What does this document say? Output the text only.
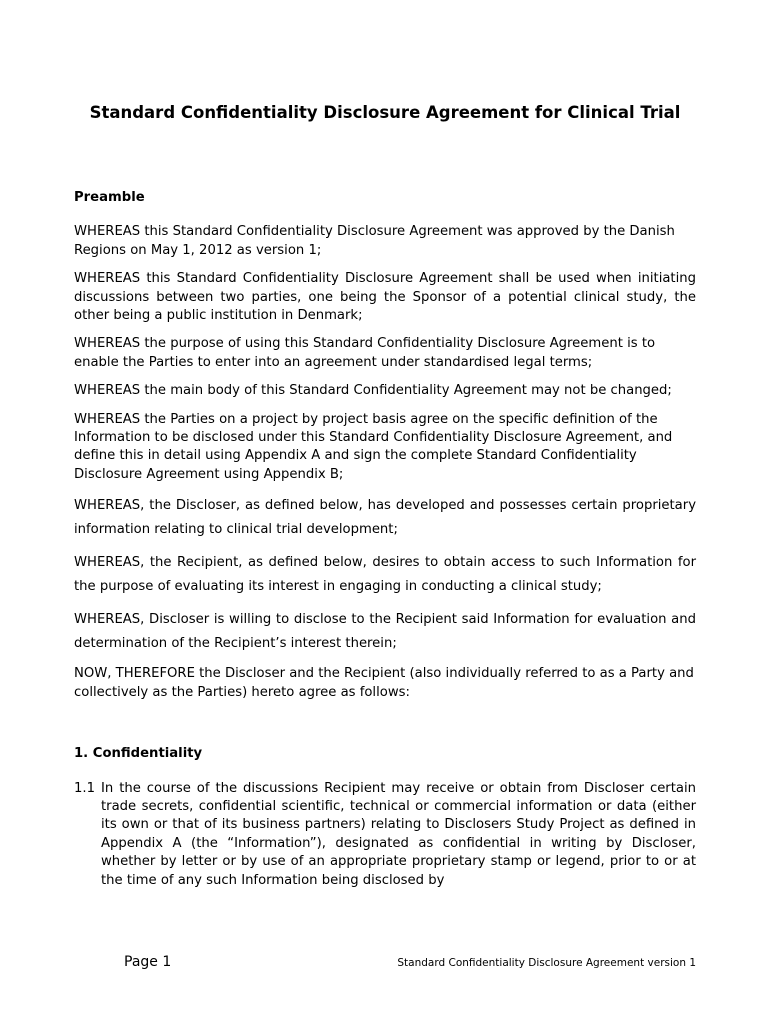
Standard Confidentiality Disclosure Agreement for Clinical Trial
Preamble

WHEREAS this Standard Confidentiality Disclosure Agreement was approved by the Danish Regions on May 1, 2012 as version 1;

WHEREAS this Standard Confidentiality Disclosure Agreement shall be used when initiating discussions between two parties, one being the Sponsor of a potential clinical study, the other being a public institution in Denmark;

WHEREAS the purpose of using this Standard Confidentiality Disclosure Agreement is to enable the Parties to enter into an agreement under standardised legal terms;

WHEREAS the main body of this Standard Confidentiality Agreement may not be changed;

WHEREAS the Parties on a project by project basis agree on the specific definition of the Information to be disclosed under this Standard Confidentiality Disclosure Agreement, and define this in detail using Appendix A and sign the complete Standard Confidentiality Disclosure Agreement using Appendix B;

WHEREAS, the Discloser, as defined below, has developed and possesses certain proprietary information relating to clinical trial development;

WHEREAS, the Recipient, as defined below, desires to obtain access to such Information for the purpose of evaluating its interest in engaging in conducting a clinical study;

WHEREAS, Discloser is willing to disclose to the Recipient said Information for evaluation and determination of the Recipient’s interest therein;

NOW, THEREFORE the Discloser and the Recipient (also individually referred to as a Party and collectively as the Parties) hereto agree as follows:

1. Confidentiality
1.1 In the course of the discussions Recipient may receive or obtain from Discloser certain trade secrets, confidential scientific, technical or commercial information or data (either its own or that of its business partners) relating to Disclosers Study Project as defined in Appendix A (the “Information”), designated as confidential in writing by Discloser, whether by letter or by use of an appropriate proprietary stamp or legend, prior to or at the time of any such Information being disclosed by
Page 1	Standard Confidentiality Disclosure Agreement version 1
